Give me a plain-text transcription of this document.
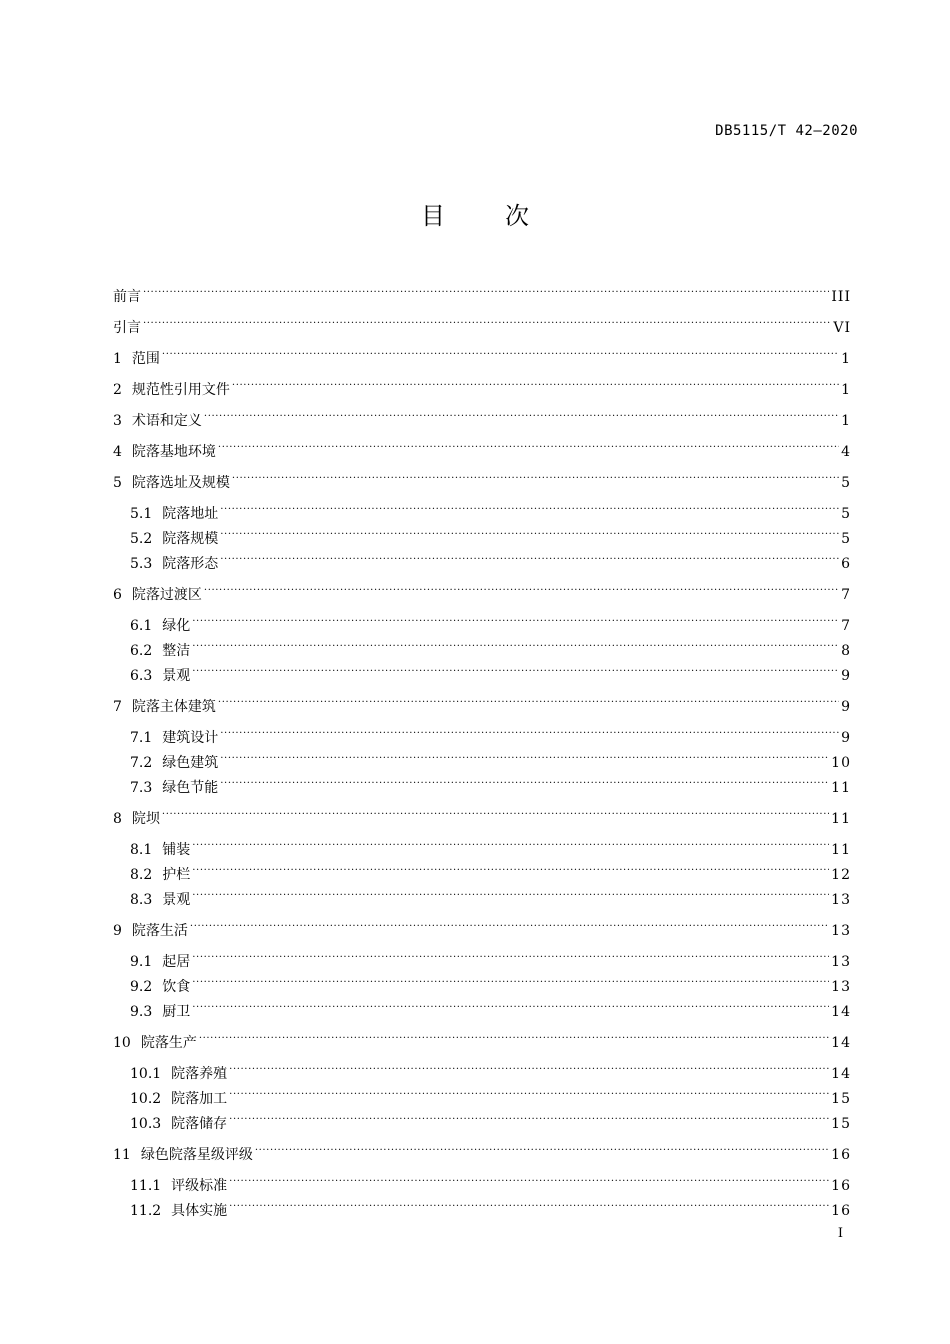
DB5115/T 42—2020
目	次
前言 .....	III
引言 .....	VI
1 范围 .....	1
2 规范性引用文件 .....	1
3 术语和定义 .....	1
4 院落基地环境 .....	4
5 院落选址及规模 .....	5
5.1 院落地址 .....	5
5.2 院落规模 .....	5
5.3 院落形态 .....	6
6 院落过渡区 .....	7
6.1 绿化 .....	7
6.2 整洁 .....	8
6.3 景观 .....	9
7 院落主体建筑 .....	9
7.1 建筑设计 .....	9
7.2 绿色建筑 .....	10
7.3 绿色节能 .....	11
8 院坝 .....	11
8.1 铺装 .....	11
8.2 护栏 .....	12
8.3 景观 .....	13
9 院落生活 .....	13
9.1 起居 .....	13
9.2 饮食 .....	13
9.3 厨卫 .....	14
10 院落生产 .....	14
10.1 院落养殖 .....	14
10.2 院落加工 .....	15
10.3 院落储存 .....	15
11 绿色院落星级评级 .....	16
11.1 评级标准 .....	16
11.2 具体实施 .....	16
I
